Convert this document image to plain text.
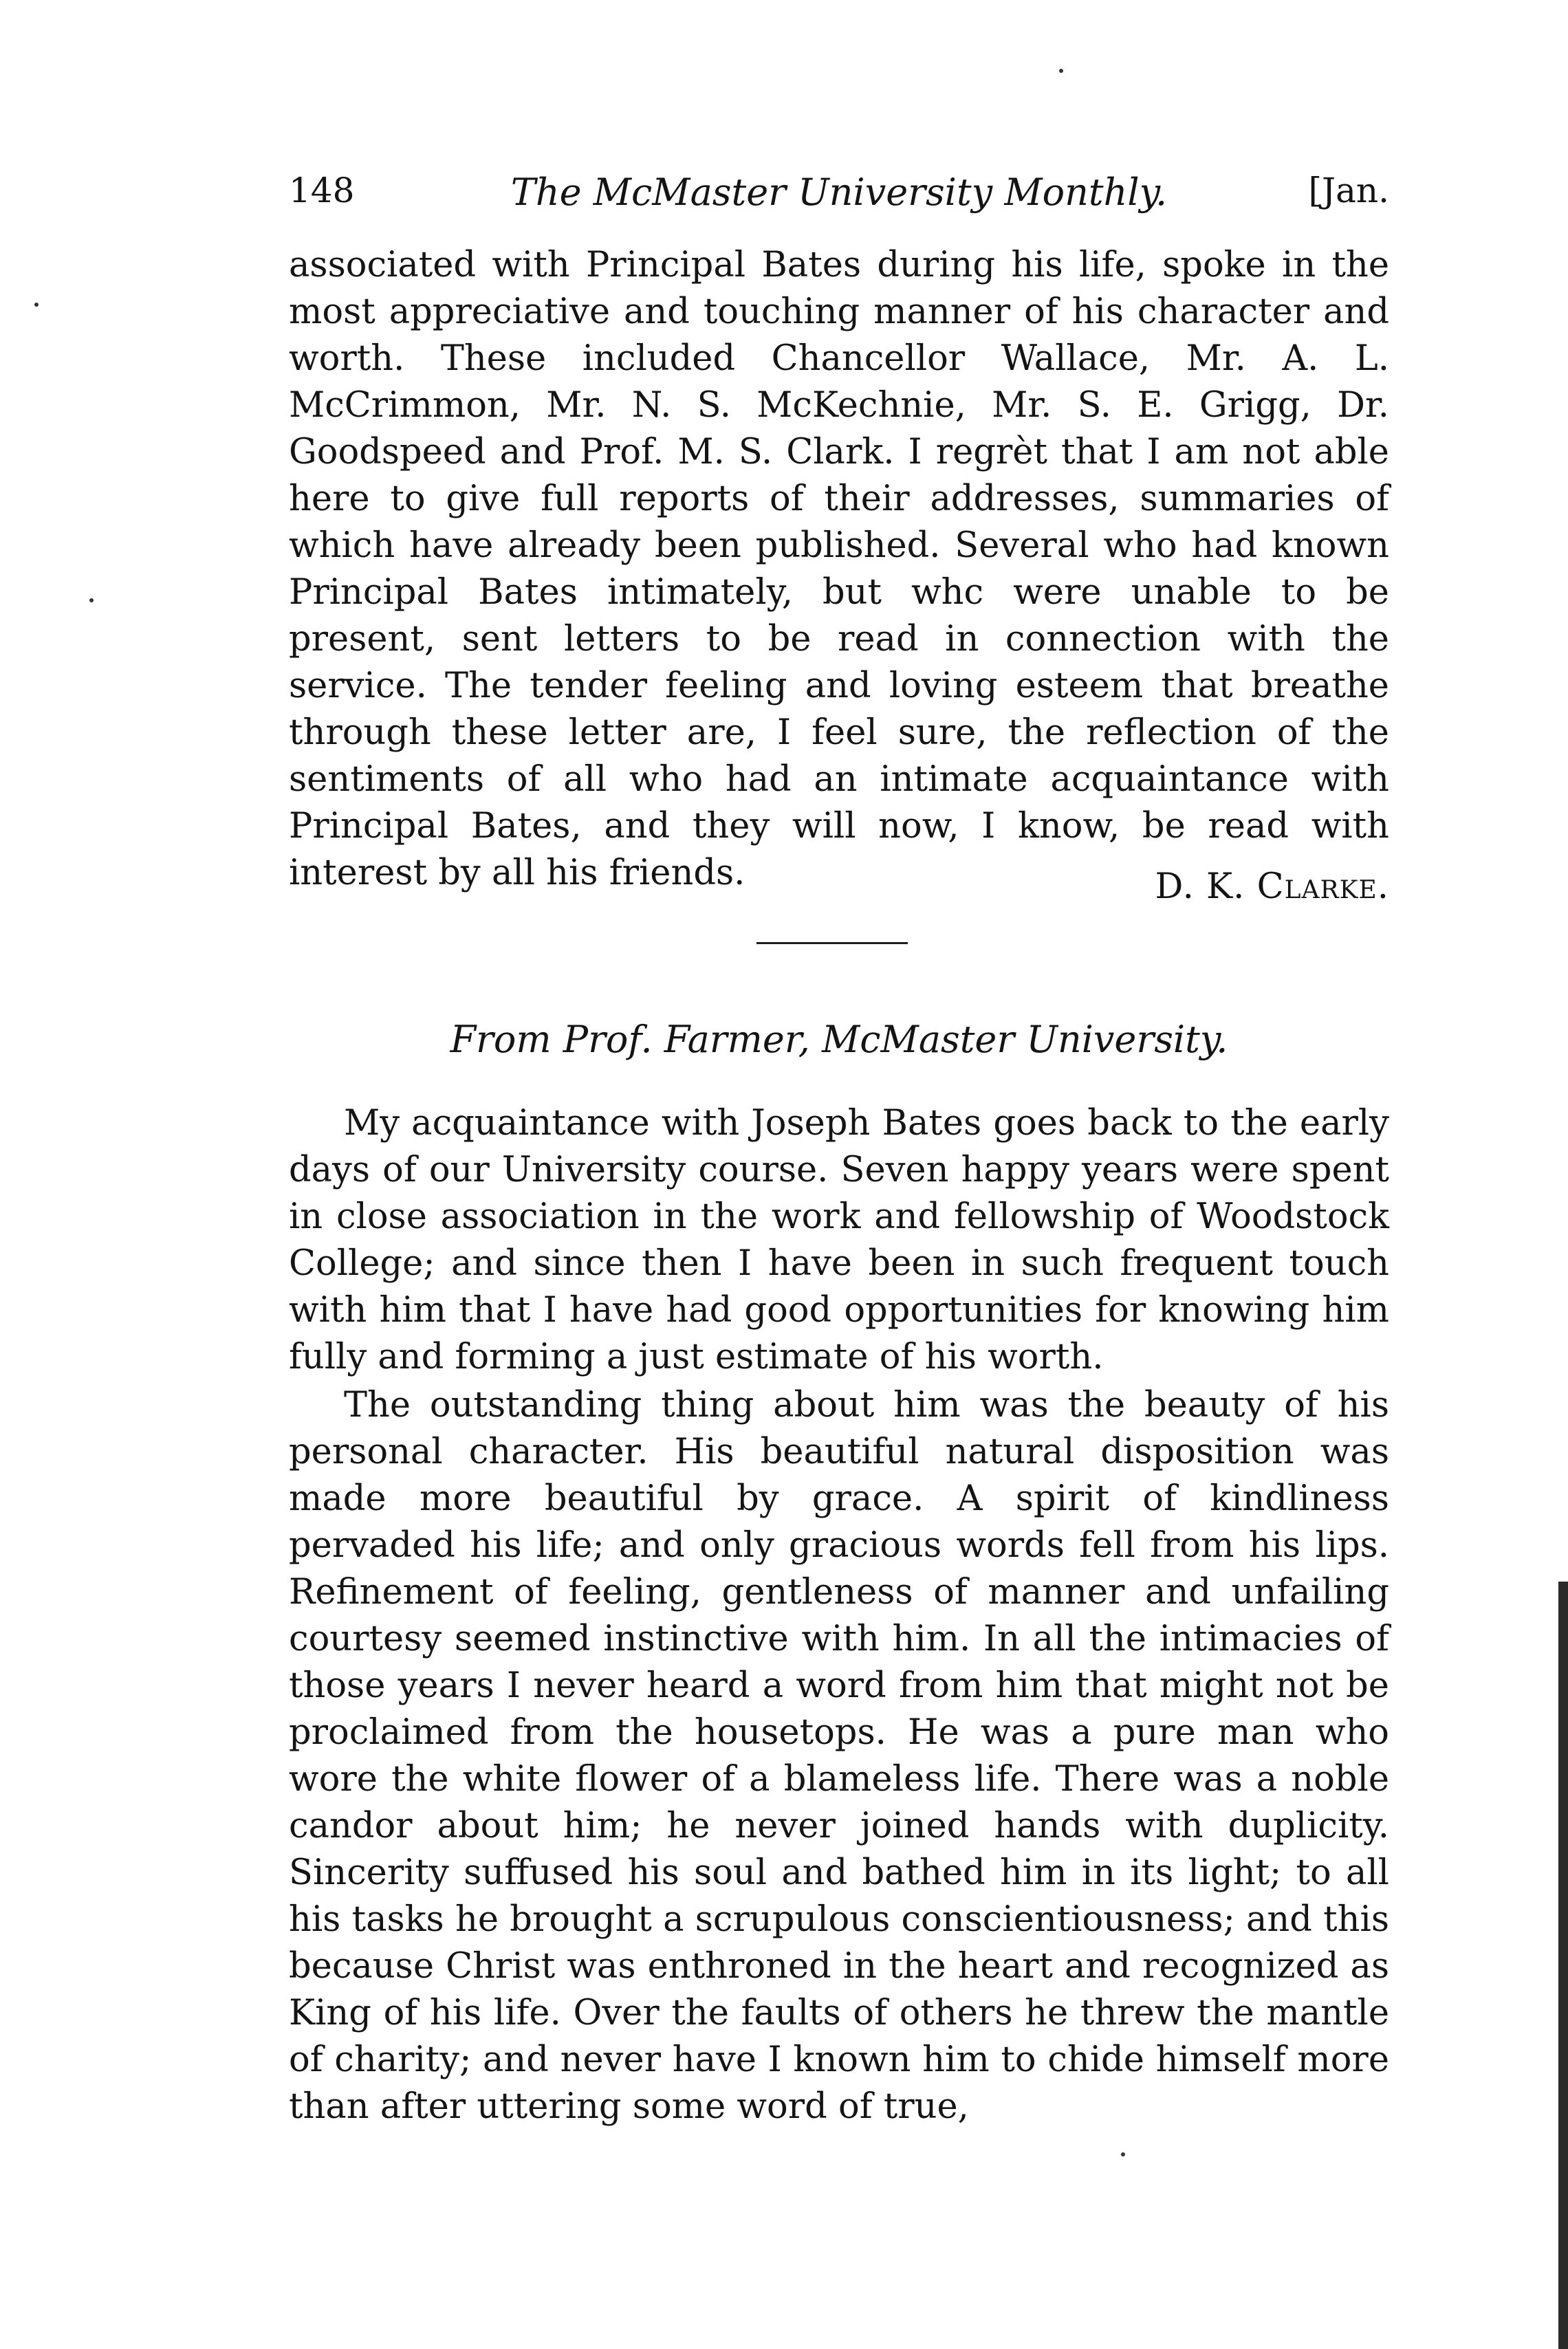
148	The McMaster University Monthly.	[Jan.

associated with Principal Bates during his life, spoke in the most appreciative and touching manner of his character and worth. These included Chancellor Wallace, Mr. A. L. McCrimmon, Mr. N. S. McKechnie, Mr. S. E. Grigg, Dr. Goodspeed and Prof. M. S. Clark. I regrèt that I am not able here to give full reports of their addresses, summaries of which have already been published. Several who had known Principal Bates intimately, but whc were unable to be present, sent letters to be read in connection with the service. The tender feeling and loving esteem that breathe through these letter are, I feel sure, the reflection of the sentiments of all who had an intimate acquaintance with Principal Bates, and they will now, I know, be read with interest by all his friends.	D. K. Clarke.
From Prof. Farmer, McMaster University.

My acquaintance with Joseph Bates goes back to the early days of our University course. Seven happy years were spent in close association in the work and fellowship of Woodstock College; and since then I have been in such frequent touch with him that I have had good opportunities for knowing him fully and forming a just estimate of his worth.

The outstanding thing about him was the beauty of his personal character. His beautiful natural disposition was made more beautiful by grace. A spirit of kindliness pervaded his life; and only gracious words fell from his lips. Refinement of feeling, gentleness of manner and unfailing courtesy seemed instinctive with him. In all the intimacies of those years I never heard a word from him that might not be proclaimed from the housetops. He was a pure man who wore the white flower of a blameless life. There was a noble candor about him; he never joined hands with duplicity. Sincerity suffused his soul and bathed him in its light; to all his tasks he brought a scrupulous conscientiousness; and this because Christ was enthroned in the heart and recognized as King of his life. Over the faults of others he threw the mantle of charity; and never have I known him to chide himself more than after uttering some word of true,
